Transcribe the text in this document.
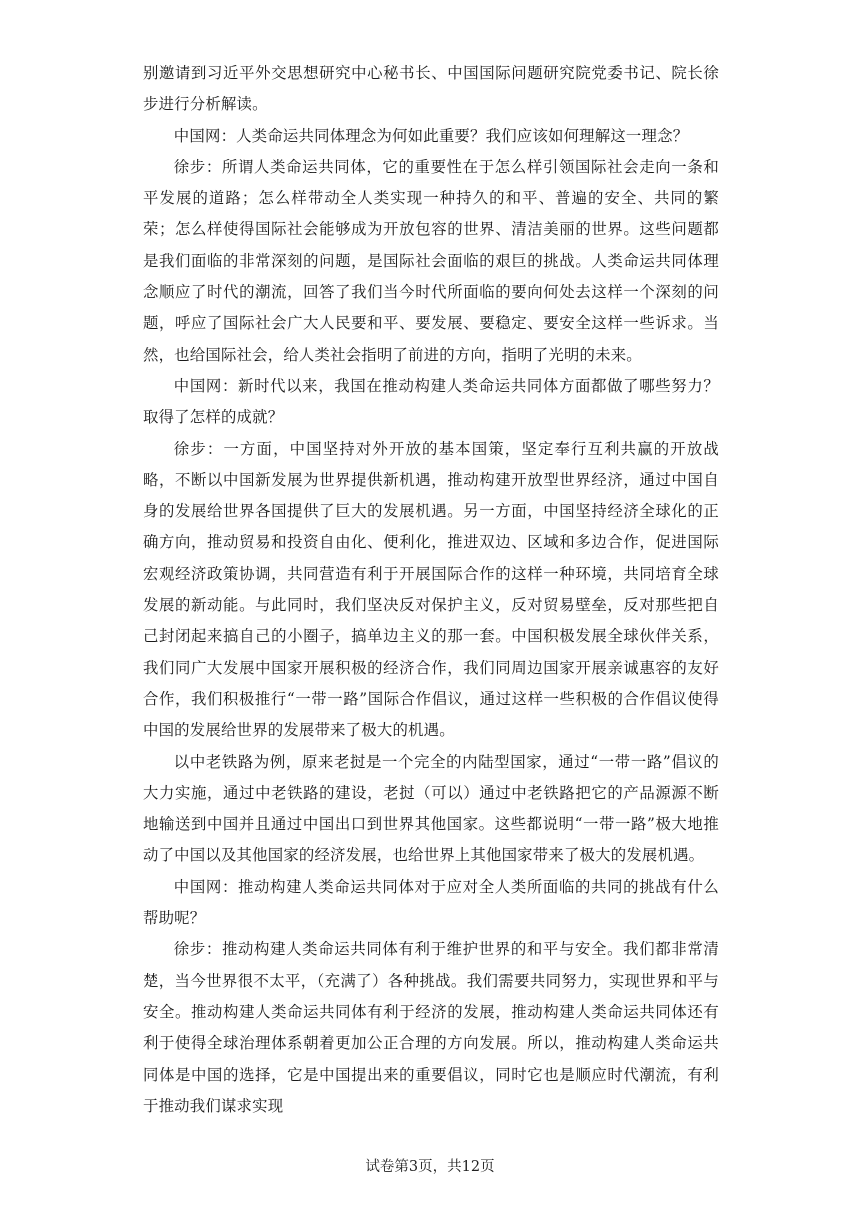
别邀请到习近平外交思想研究中心秘书长、中国国际问题研究院党委书记、院长徐步进行分析解读。

中国网：人类命运共同体理念为何如此重要？我们应该如何理解这一理念？

徐步：所谓人类命运共同体，它的重要性在于怎么样引领国际社会走向一条和平发展的道路；怎么样带动全人类实现一种持久的和平、普遍的安全、共同的繁荣；怎么样使得国际社会能够成为开放包容的世界、清洁美丽的世界。这些问题都是我们面临的非常深刻的问题，是国际社会面临的艰巨的挑战。人类命运共同体理念顺应了时代的潮流，回答了我们当今时代所面临的要向何处去这样一个深刻的问题，呼应了国际社会广大人民要和平、要发展、要稳定、要安全这样一些诉求。当然，也给国际社会，给人类社会指明了前进的方向，指明了光明的未来。

中国网：新时代以来，我国在推动构建人类命运共同体方面都做了哪些努力？取得了怎样的成就？

徐步：一方面，中国坚持对外开放的基本国策，坚定奉行互利共赢的开放战略，不断以中国新发展为世界提供新机遇，推动构建开放型世界经济，通过中国自身的发展给世界各国提供了巨大的发展机遇。另一方面，中国坚持经济全球化的正确方向，推动贸易和投资自由化、便利化，推进双边、区域和多边合作，促进国际宏观经济政策协调，共同营造有利于开展国际合作的这样一种环境，共同培育全球发展的新动能。与此同时，我们坚决反对保护主义，反对贸易壁垒，反对那些把自己封闭起来搞自己的小圈子，搞单边主义的那一套。中国积极发展全球伙伴关系，我们同广大发展中国家开展积极的经济合作，我们同周边国家开展亲诚惠容的友好合作，我们积极推行“一带一路”国际合作倡议，通过这样一些积极的合作倡议使得中国的发展给世界的发展带来了极大的机遇。

以中老铁路为例，原来老挝是一个完全的内陆型国家，通过“一带一路”倡议的大力实施，通过中老铁路的建设，老挝（可以）通过中老铁路把它的产品源源不断地输送到中国并且通过中国出口到世界其他国家。这些都说明“一带一路”极大地推动了中国以及其他国家的经济发展，也给世界上其他国家带来了极大的发展机遇。

中国网：推动构建人类命运共同体对于应对全人类所面临的共同的挑战有什么帮助呢？

徐步：推动构建人类命运共同体有利于维护世界的和平与安全。我们都非常清楚，当今世界很不太平，（充满了）各种挑战。我们需要共同努力，实现世界和平与安全。推动构建人类命运共同体有利于经济的发展，推动构建人类命运共同体还有利于使得全球治理体系朝着更加公正合理的方向发展。所以，推动构建人类命运共同体是中国的选择，它是中国提出来的重要倡议，同时它也是顺应时代潮流，有利于推动我们谋求实现

试卷第3页，共12页
